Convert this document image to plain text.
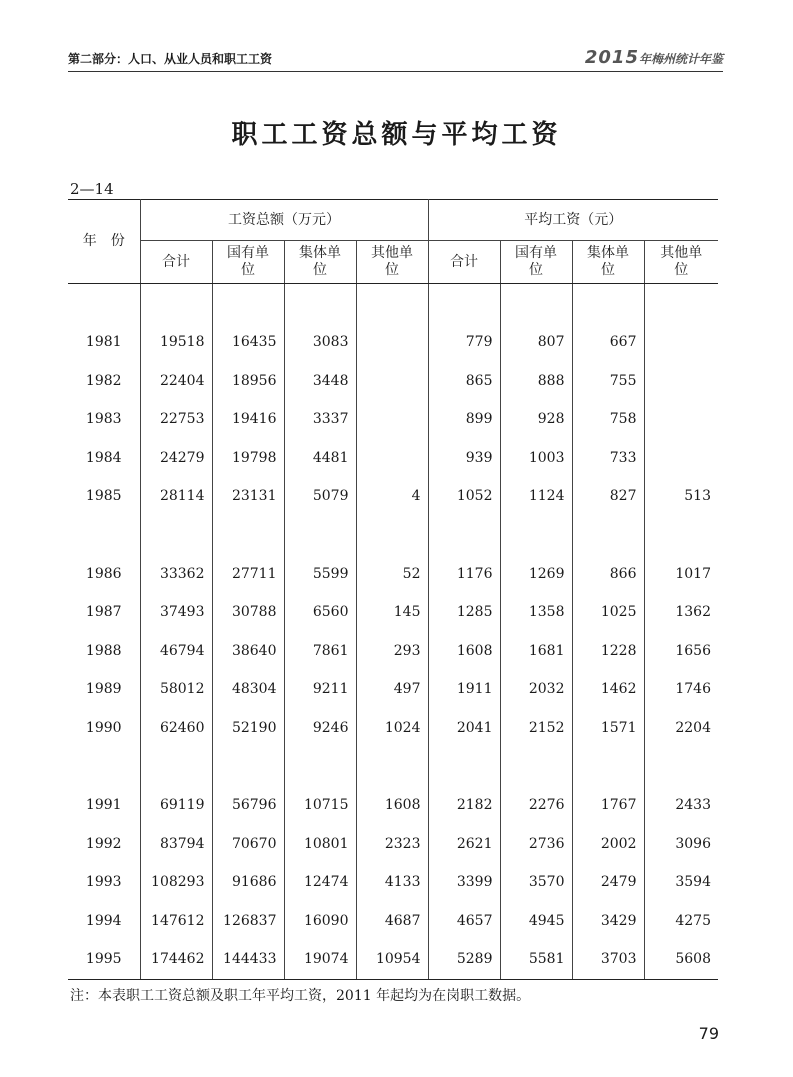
第二部分：人口、从业人员和职工工资	2015年梅州统计年鉴
职工工资总额与平均工资
2—14
年　份	工资总额（万元）				平均工资（元）			
	合计	国有单
位	集体单
位	其他单
位	合计	国有单
位	集体单
位	其他单
位

1981	19518	16435	3083		779	807	667	
1982	22404	18956	3448		865	888	755	
1983	22753	19416	3337		899	928	758	
1984	24279	19798	4481		939	1003	733	
1985	28114	23131	5079	4	1052	1124	827	513

1986	33362	27711	5599	52	1176	1269	866	1017
1987	37493	30788	6560	145	1285	1358	1025	1362
1988	46794	38640	7861	293	1608	1681	1228	1656
1989	58012	48304	9211	497	1911	2032	1462	1746
1990	62460	52190	9246	1024	2041	2152	1571	2204

1991	69119	56796	10715	1608	2182	2276	1767	2433
1992	83794	70670	10801	2323	2621	2736	2002	3096
1993	108293	91686	12474	4133	3399	3570	2479	3594
1994	147612	126837	16090	4687	4657	4945	3429	4275
1995	174462	144433	19074	10954	5289	5581	3703	5608
注：本表职工工资总额及职工年平均工资，2011 年起均为在岗职工数据。
79
